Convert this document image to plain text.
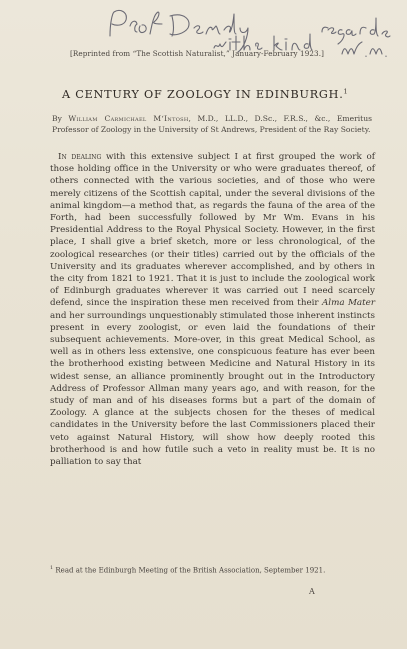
[Reprinted from “The Scottish Naturalist,” January-February 1923.]
A CENTURY OF ZOOLOGY IN EDINBURGH.$^1$
By William Carmichael M‘Intosh, M.D., LL.D., D.Sc., F.R.S., &c., Emeritus Professor of Zoology in the University of St Andrews, President of the Ray Society.

In dealing with this extensive subject I at first grouped the work of those holding office in the University or who were graduates thereof, of others connected with the various societies, and of those who were merely citizens of the Scottish capital, under the several divisions of the animal kingdom—a method that, as regards the fauna of the area of the Forth, had been successfully followed by Mr Wm. Evans in his Presidential Address to the Royal Physical Society. However, in the first place, I shall give a brief sketch, more or less chronological, of the zoological researches (or their titles) carried out by the officials of the University and its graduates wherever accomplished, and by others in the city from 1821 to 1921. That it is just to include the zoological work of Edinburgh graduates wherever it was carried out I need scarcely defend, since the inspiration these men received from their Alma Mater and her surroundings unquestionably stimulated those inherent instincts present in every zoologist, or even laid the foundations of their subsequent achievements. More-over, in this great Medical School, as well as in others less extensive, one conspicuous feature has ever been the brotherhood existing between Medicine and Natural History in its widest sense, an alliance prominently brought out in the Introductory Address of Professor Allman many years ago, and with reason, for the study of man and of his diseases forms but a part of the domain of Zoology. A glance at the subjects chosen for the theses of medical candidates in the University before the last Commissioners placed their veto against Natural History, will show how deeply rooted this brotherhood is and how futile such a veto in reality must be. It is no palliation to say that

$^1$ Read at the Edinburgh Meeting of the British Association, September 1921.
A
